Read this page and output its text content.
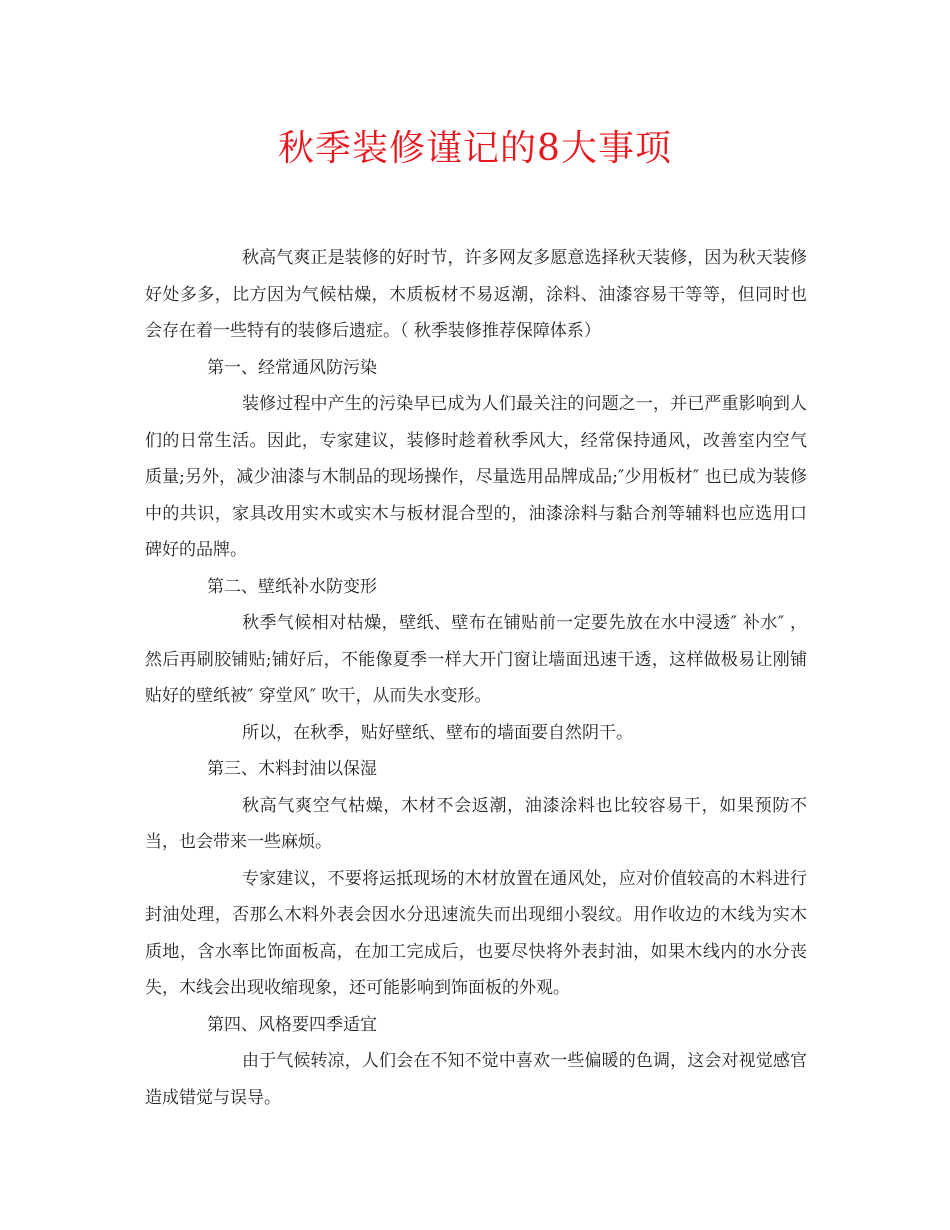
秋季装修谨记的8大事项

秋高气爽正是装修的好时节，许多网友多愿意选择秋天装修，因为秋天装修好处多多，比方因为气候枯燥，木质板材不易返潮，涂料、油漆容易干等等，但同时也会存在着一些特有的装修后遗症。（ 秋季装修推荐保障体系）

第一、经常通风防污染

装修过程中产生的污染早已成为人们最关注的问题之一，并已严重影响到人们的日常生活。因此，专家建议，装修时趁着秋季风大，经常保持通风，改善室内空气质量;另外，减少油漆与木制品的现场操作，尽量选用品牌成品;″少用板材″ 也已成为装修中的共识，家具改用实木或实木与板材混合型的，油漆涂料与黏合剂等辅料也应选用口碑好的品牌。

第二、壁纸补水防变形

秋季气候相对枯燥，壁纸、壁布在铺贴前一定要先放在水中浸透″ 补水″ ，然后再刷胶铺贴;铺好后，不能像夏季一样大开门窗让墙面迅速干透，这样做极易让刚铺贴好的壁纸被″ 穿堂风″ 吹干，从而失水变形。

所以，在秋季，贴好壁纸、壁布的墙面要自然阴干。

第三、木料封油以保湿

秋高气爽空气枯燥，木材不会返潮，油漆涂料也比较容易干，如果预防不当，也会带来一些麻烦。

专家建议，不要将运抵现场的木材放置在通风处，应对价值较高的木料进行封油处理，否那么木料外表会因水分迅速流失而出现细小裂纹。用作收边的木线为实木质地，含水率比饰面板高，在加工完成后，也要尽快将外表封油，如果木线内的水分丧失，木线会出现收缩现象，还可能影响到饰面板的外观。

第四、风格要四季适宜

由于气候转凉，人们会在不知不觉中喜欢一些偏暖的色调，这会对视觉感官造成错觉与误导。
